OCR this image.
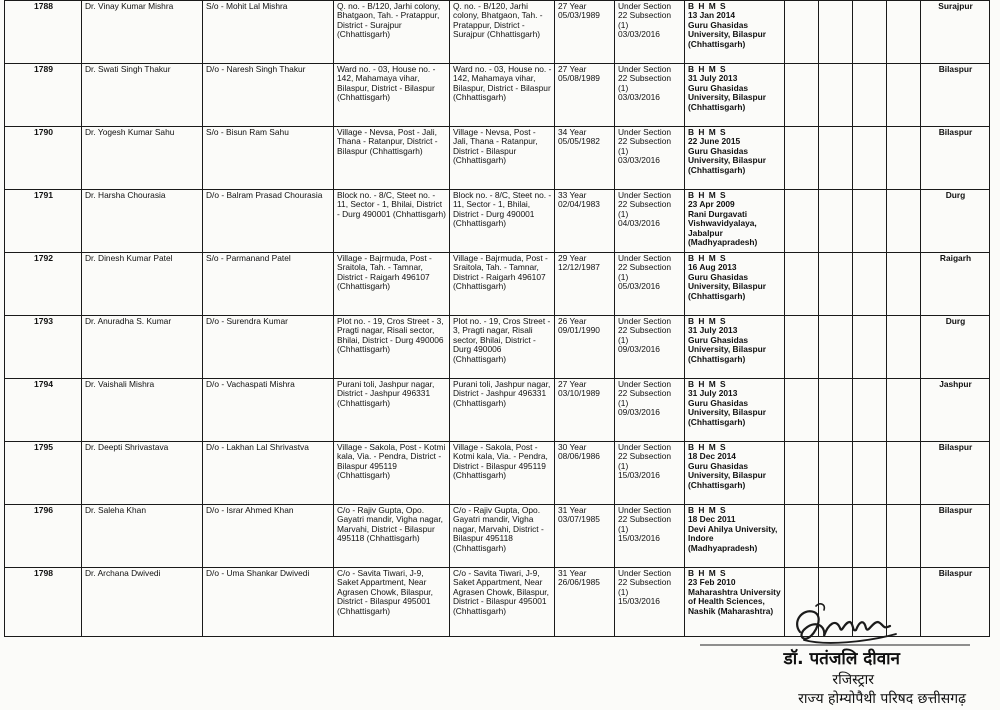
1788	Dr. Vinay Kumar Mishra	S/o - Mohit Lal Mishra	Q. no. - B/120, Jarhi colony, Bhatgaon, Tah. - Pratappur, District - Surajpur (Chhattisgarh)	Q. no. - B/120, Jarhi colony, Bhatgaon, Tah. - Pratappur, District - Surajpur (Chhattisgarh)	27 Year
05/03/1989	Under Section 22 Subsection (1)
03/03/2016	B H M S
13 Jan 2014
Guru Ghasidas University, Bilaspur (Chhattisgarh)					Surajpur

1789	Dr. Swati Singh Thakur	D/o - Naresh Singh Thakur	Ward no. - 03, House no. - 142, Mahamaya vihar, Bilaspur, District - Bilaspur (Chhattisgarh)	Ward no. - 03, House no. - 142, Mahamaya vihar, Bilaspur, District - Bilaspur (Chhattisgarh)	27 Year
05/08/1989	Under Section 22 Subsection (1)
03/03/2016	B H M S
31 July 2013
Guru Ghasidas University, Bilaspur (Chhattisgarh)					Bilaspur

1790	Dr. Yogesh Kumar Sahu	S/o - Bisun Ram Sahu	Village - Nevsa, Post - Jali, Thana - Ratanpur, District - Bilaspur (Chhattisgarh)	Village - Nevsa, Post - Jali, Thana - Ratanpur, District - Bilaspur (Chhattisgarh)	34 Year
05/05/1982	Under Section 22 Subsection (1)
03/03/2016	B H M S
22 June 2015
Guru Ghasidas University, Bilaspur (Chhattisgarh)					Bilaspur

1791	Dr. Harsha Chourasia	D/o - Balram Prasad Chourasia	Block no. - 8/C, Steet no. - 11, Sector - 1, Bhilai, District - Durg 490001 (Chhattisgarh)	Block no. - 8/C, Steet no. - 11, Sector - 1, Bhilai, District - Durg 490001 (Chhattisgarh)	33 Year
02/04/1983	Under Section 22 Subsection (1)
04/03/2016	B H M S
23 Apr 2009
Rani Durgavati Vishwavidyalaya, Jabalpur (Madhyapradesh)					Durg

1792	Dr. Dinesh Kumar Patel	S/o - Parmanand Patel	Village - Bajrmuda, Post - Sraitola, Tah. - Tamnar, District - Raigarh 496107 (Chhattisgarh)	Village - Bajrmuda, Post - Sraitola, Tah. - Tamnar, District - Raigarh 496107 (Chhattisgarh)	29 Year
12/12/1987	Under Section 22 Subsection (1)
05/03/2016	B H M S
16 Aug 2013
Guru Ghasidas University, Bilaspur (Chhattisgarh)					Raigarh

1793	Dr. Anuradha S. Kumar	D/o - Surendra Kumar	Plot no. - 19, Cros Street - 3, Pragti nagar, Risali sector, Bhilai, District - Durg 490006 (Chhattisgarh)	Plot no. - 19, Cros Street - 3, Pragti nagar, Risali sector, Bhilai, District - Durg 490006 (Chhattisgarh)	26 Year
09/01/1990	Under Section 22 Subsection (1)
09/03/2016	B H M S
31 July 2013
Guru Ghasidas University, Bilaspur (Chhattisgarh)					Durg

1794	Dr. Vaishali Mishra	D/o - Vachaspati Mishra	Purani toli, Jashpur nagar, District - Jashpur 496331 (Chhattisgarh)	Purani toli, Jashpur nagar, District - Jashpur 496331 (Chhattisgarh)	27 Year
03/10/1989	Under Section 22 Subsection (1)
09/03/2016	B H M S
31 July 2013
Guru Ghasidas University, Bilaspur (Chhattisgarh)					Jashpur

1795	Dr. Deepti Shrivastava	D/o - Lakhan Lal Shrivastva	Village - Sakola, Post - Kotmi kala, Via. - Pendra, District - Bilaspur 495119 (Chhattisgarh)	Village - Sakola, Post - Kotmi kala, Via. - Pendra, District - Bilaspur 495119 (Chhattisgarh)	30 Year
08/06/1986	Under Section 22 Subsection (1)
15/03/2016	B H M S
18 Dec 2014
Guru Ghasidas University, Bilaspur (Chhattisgarh)					Bilaspur

1796	Dr. Saleha Khan	D/o - Israr Ahmed Khan	C/o - Rajiv Gupta, Opo. Gayatri mandir, Vigha nagar, Marvahi, District - Bilaspur 495118 (Chhattisgarh)	C/o - Rajiv Gupta, Opo. Gayatri mandir, Vigha nagar, Marvahi, District - Bilaspur 495118 (Chhattisgarh)	31 Year
03/07/1985	Under Section 22 Subsection (1)
15/03/2016	B H M S
18 Dec 2011
Devi Ahilya University, Indore (Madhyapradesh)					Bilaspur

1798	Dr. Archana Dwivedi	D/o - Uma Shankar Dwivedi	C/o - Savita Tiwari, J-9, Saket Appartment, Near Agrasen Chowk, Bilaspur, District - Bilaspur 495001 (Chhattisgarh)	C/o - Savita Tiwari, J-9, Saket Appartment, Near Agrasen Chowk, Bilaspur, District - Bilaspur 495001 (Chhattisgarh)	31 Year
26/06/1985	Under Section 22 Subsection (1)
15/03/2016	B H M S
23 Feb 2010
Maharashtra University of Health Sciences, Nashik (Maharashtra)					Bilaspur
डॉ. पतंजलि दीवान
रजिस्ट्रार
राज्य होम्योपैथी परिषद छत्तीसगढ़
